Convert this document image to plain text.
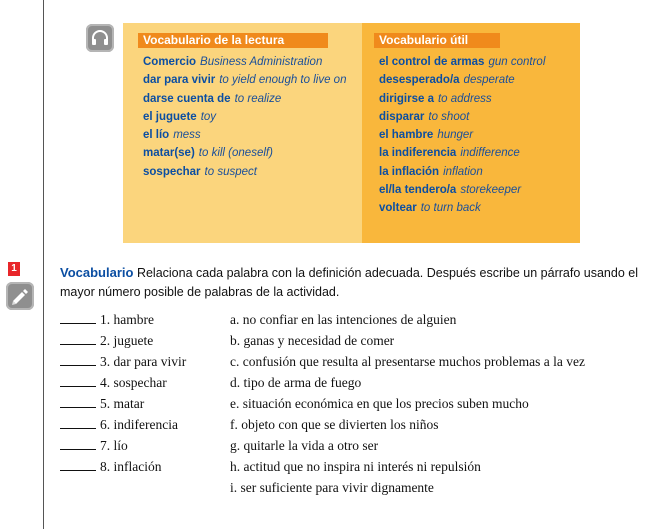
Vocabulario de la lectura
Comercio Business Administration
dar para vivir to yield enough to live on
darse cuenta de to realize
el juguete toy
el lío mess
matar(se) to kill (oneself)
sospechar to suspect
Vocabulario útil
el control de armas gun control
desesperado/a desperate
dirigirse a to address
disparar to shoot
el hambre hunger
la indiferencia indifference
la inflación inflation
el/la tendero/a storekeeper
voltear to turn back
1	Vocabulario Relaciona cada palabra con la definición adecuada. Después escribe un párrafo usando el mayor número posible de palabras de la actividad.
1. hambre
2. juguete
3. dar para vivir
4. sospechar
5. matar
6. indiferencia
7. lío
8. inflación
a. no confiar en las intenciones de alguien
b. ganas y necesidad de comer
c. confusión que resulta al presentarse muchos problemas a la vez
d. tipo de arma de fuego
e. situación económica en que los precios suben mucho
f. objeto con que se divierten los niños
g. quitarle la vida a otro ser
h. actitud que no inspira ni interés ni repulsión
i. ser suficiente para vivir dignamente
